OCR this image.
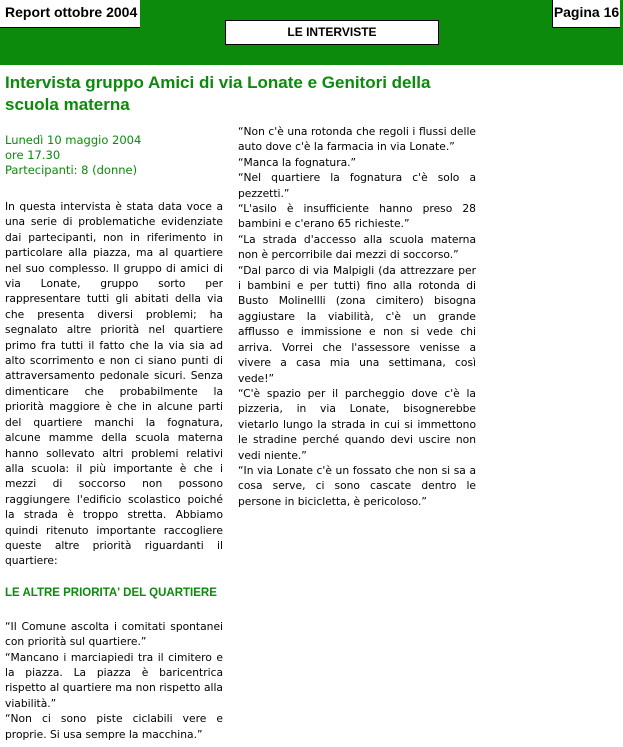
Report ottobre 2004	Pagina 16
LE INTERVISTE
Intervista gruppo Amici di via Lonate e Genitori della scuola materna
Lunedì 10 maggio 2004
ore 17.30
Partecipanti: 8 (donne)

In questa intervista è stata data voce a una serie di problematiche evidenziate dai partecipanti, non in riferimento in particolare alla piazza, ma al quartiere nel suo complesso. Il gruppo di amici di via Lonate, gruppo sorto per rappresentare tutti gli abitati della via che presenta diversi problemi; ha segnalato altre priorità nel quartiere primo fra tutti il fatto che la via sia ad alto scorrimento e non ci siano punti di attraversamento pedonale sicuri. Senza dimenticare che probabilmente la priorità maggiore è che in alcune parti del quartiere manchi la fognatura, alcune mamme della scuola materna hanno sollevato altri problemi relativi alla scuola: il più importante è che i mezzi di soccorso non possono raggiungere l'edificio scolastico poiché la strada è troppo stretta. Abbiamo quindi ritenuto importante raccogliere queste altre priorità riguardanti il quartiere:

LE ALTRE PRIORITA' DEL QUARTIERE

“Il Comune ascolta i comitati spontanei con priorità sul quartiere.”

“Mancano i marciapiedi tra il cimitero e la piazza. La piazza è baricentrica rispetto al quartiere ma non rispetto alla viabilità.”

“Non ci sono piste ciclabili vere e proprie. Si usa sempre la macchina.”

“Non c'è una rotonda che regoli i flussi delle auto dove c'è la farmacia in via Lonate.”

“Manca la fognatura.”

“Nel quartiere la fognatura c'è solo a pezzetti.”

“L'asilo è insufficiente hanno preso 28 bambini e c'erano 65 richieste.”

“La strada d'accesso alla scuola materna non è percorribile dai mezzi di soccorso.”

“Dal parco di via Malpigli (da attrezzare per i bambini e per tutti) fino alla rotonda di Busto Molinellli (zona cimitero) bisogna aggiustare la viabilità, c'è un grande afflusso e immissione e non si vede chi arriva. Vorrei che l'assessore venisse a vivere a casa mia una settimana, così vede!”

“C'è spazio per il parcheggio dove c'è la pizzeria, in via Lonate, bisognerebbe vietarlo lungo la strada in cui si immettono le stradine perché quando devi uscire non vedi niente.”

“In via Lonate c'è un fossato che non si sa a cosa serve, ci sono cascate dentro le persone in bicicletta, è pericoloso.”
